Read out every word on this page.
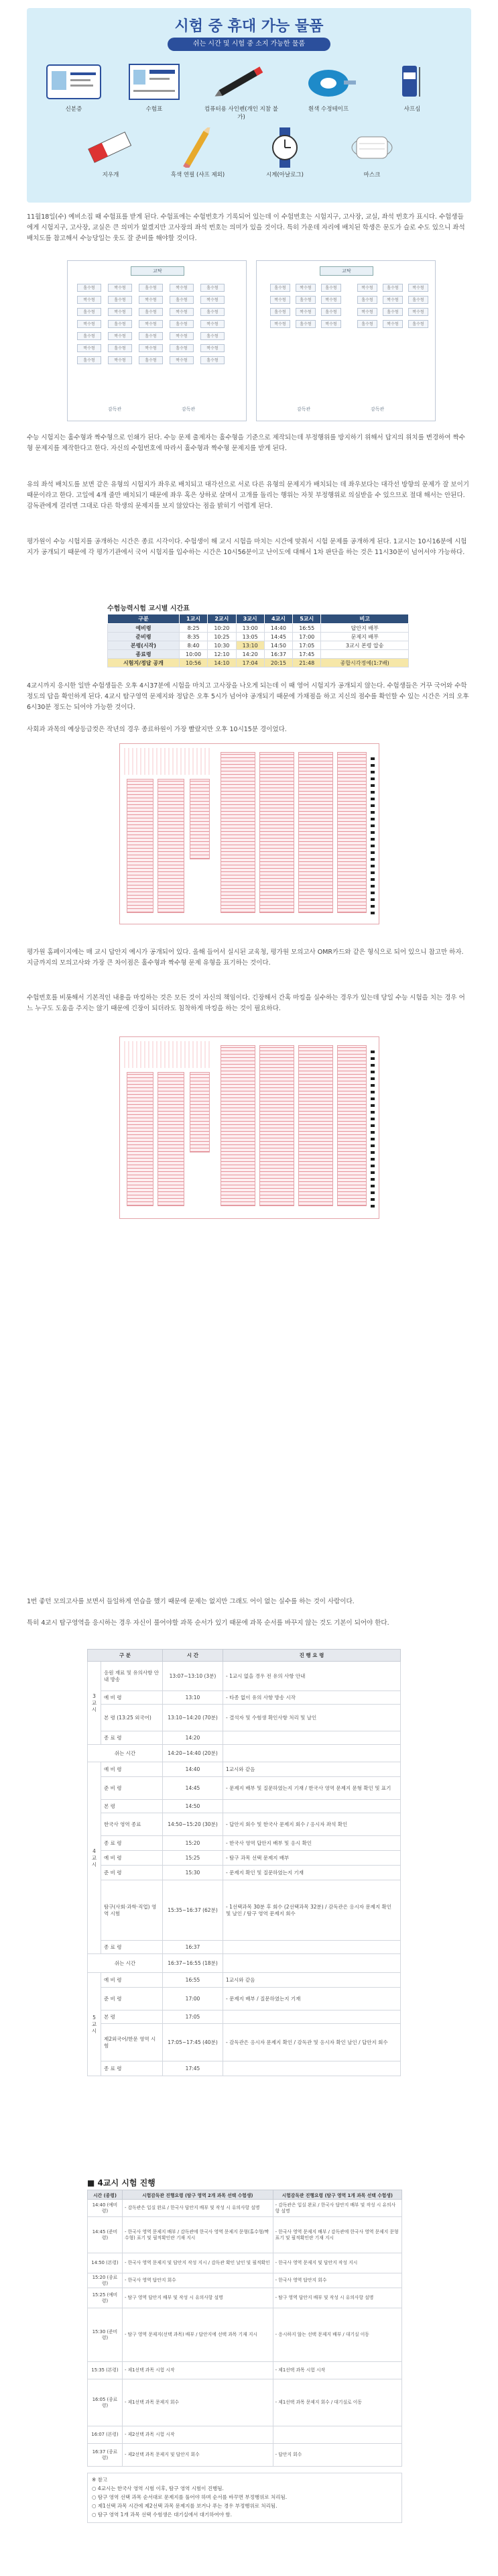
시험 중 휴대 가능 물품
쉬는 시간 및 시험 중 소지 가능한 물품
신분증	수험표	컴퓨터용 사인펜(개인 지참 불가)
흰색 수정테이프	샤프심
지우개	흑색 연필 (샤프 제외)	시계(아날로그)	마스크
11월18일(수) 예비소집 때 수험표를 받게 된다. 수험표에는 수험번호가 기록되어 있는데 이 수험번호는 시험지구, 고사장, 교실, 좌석 번호가 표시다. 수험생들에게 시험지구, 고사장, 교실은 큰 의미가 없겠지만 고사장의 좌석 번호는 의미가 있을 것이다. 특히 가운데 자리에 배치된 학생은 문도가 슬로 수도 있으니 좌석 배치도를 참고해서 수능당일는 웃도 잘 준비를 해야할 것이다.
교탁
홀수형	짝수형	홀수형	짝수형	홀수형
짝수형	홀수형	짝수형	홀수형	짝수형
홀수형	짝수형	홀수형	짝수형	홀수형
짝수형	홀수형	짝수형	홀수형	짝수형
홀수형	짝수형	홀수형	짝수형	홀수형
짝수형	홀수형	짝수형	홀수형	짝수형
홀수형	짝수형	홀수형	짝수형	홀수형
감독관	감독관
교탁
홀수형	짝수형	홀수형
짝수형	홀수형	짝수형
홀수형	짝수형	홀수형
짝수형	홀수형	짝수형
짝수형	홀수형	짝수형
홀수형	짝수형	홀수형
짝수형	홀수형	짝수형
홀수형	짝수형	홀수형
감독관	감독관
수능 시험지는 홀수형과 짝수형으로 인쇄가 된다. 수능 문제 출제자는 홀수형을 기준으로 제작되는데 부정행위를 방지하기 위해서 답지의 위치를 변경하여 짝수형 문제지를 제작한다고 한다. 자신의 수험번호에 따라서 홀수형과 짝수형 문제지를 받게 된다.
유의 좌석 배치도를 보면 같은 유형의 시험지가 좌우로 배치되고 대각선으로 서로 다른 유형의 문제지가 배치되는 데 좌우보다는 대각선 방향의 문제가 잘 보이기 때문이라고 한다. 고일에 4개 줄만 배치되기 때문에 좌우 혹은 상하로 살며서 고개를 돌리는 행위는 자칫 부정행위로 의심받을 수 있으므로 절대 해서는 안된다. 감독관에게 걸리면 그대로 다른 학생의 문제지를 보지 않았다는 점을 밝히기 어렵게 된다.
평가원이 수능 시험지를 공개하는 시간은 종료 시각이다. 수험생이 해 교시 시험을 마치는 시간에 맞춰서 시험 문제를 공개하게 된다. 1교시는 10시16분에 시험지가 공개되기 때문에 각 평가기관에서 국어 시험지를 입수하는 시간은 10시56분이고 난이도에 대해서 1차 판단을 하는 것은 11시30분이 넘어서야 가능하다.
수험능력시험 교시별 시간표
구분	1교시	2교시	3교시	4교시	5교시	비고
예비령	8:25	10:20	13:00	14:40	16:55	답안지 배부
준비령	8:35	10:25	13:05	14:45	17:00	문제지 배부
본령(시작)	8:40	10:30	13:10	14:50	17:05	3교시 본령 압송
종료령	10:00	12:10	14:20	16:37	17:45	
시험지/정답 공개	10:56	14:10	17:04	20:15	21:48	종합시각정예(1:7배)
4교시까지 응시한 일반 수험생들은 오후 4시37분에 시험을 마치고 고사장을 나오게 되는데 이 때 영어 시험지가 공개되지 않는다. 수험생들은 거꾸 국어와 수학 정도의 답을 확인하게 된다. 4교시 탐구영역 문제지와 정답은 오후 5시가 넘어야 공개되기 때문에 가채점을 하고 지신의 점수를 확인할 수 있는 시간은 거의 오후 6시30분 정도는 되어야 가능한 것이다.
사회과 과목의 예상등급컷은 작년의 경우 종료하원이 가장 빨랐지만 오후 10시15분 경이었다.
평가원 홈페이지에는 매 교시 답안지 예시가 공개되어 있다. 올해 들어서 실시된 교육청, 평가원 모의고사 OMR카드와 같은 형식으로 되어 있으니 참고만 하자. 지금까지의 모의고사와 가장 큰 차이점은 홀수형과 짝수형 문제 유형을 표기하는 것이다.
수험번호를 비롯해서 기본적인 내용을 마킹하는 것은 모든 것이 자신의 책임이다. 긴장해서 간혹 마킹을 실수하는 경우가 있는데 당일 수능 시험을 치는 경우 어느 누구도 도움을 주지는 않기 때문에 긴장이 되더라도 침착하게 마킹을 하는 것이 필요하다.
1번 좋던 모의고사를 보면서 들일하게 연습을 했기 때문에 문제는 없지만 그래도 어이 없는 실수를 하는 것이 사람이다.
특히 4교시 탐구영역을 응시하는 경우 자신이 풀어야할 과목 순서가 있기 때문에 과목 순서를 바꾸지 않는 것도 기본이 되어야 한다.
구 분		시 간	진 행 요 령
3교시	응원 재료 및 유의사항 안내 방송	13:07~13:10 (3분)	- 1교시 없을 경우 전 유의 사항 안내
	예 비 령	13:10	- 타종 없이 유의 사항 방송 시작
	본 령 (13:25 외국어)	13:10~14:20 (70분)	- 결석자 및 수험생 확인사항 처리 및 날인
	종 료 령	14:20	
쉬는 시간		14:20~14:40 (20분)	
4교시	예 비 령	14:40	1교시와 같음
	준 비 령	14:45	- 문제지 배부 및 질문하였는지 기재 / 한국사 영역 문제지 문형 확인 및 표기
	본 령	14:50	
	한국사 영역 종료	14:50~15:20 (30분)	- 답안지 회수 및 한국사 문제지 회수 / 응시자 좌석 확인
	종 료 령	15:20	- 한국사 영역 답안지 배부 및 응시 확인
	예 비 령	15:25	- 탐구 과목 선택 문제지 배부
	준 비 령	15:30	- 문제지 확인 및 질문하였는지 기재
	탐구(사회·과학·직업) 영역 시험	15:35~16:37 (62분)	- 1선택과목 30분 후 회수 (2선택과목 32분) / 감독관은 응시자 문제지 확인 및 날인 / 탐구 영역 문제지 회수
	종 료 령	16:37	
쉬는 시간		16:37~16:55 (18분)	
5교시	예 비 령	16:55	1교시와 같음
	준 비 령	17:00	- 문제지 배부 / 질문하였는지 기재
	본 령	17:05	
	제2외국어/한문 영역 시험	17:05~17:45 (40분)	- 감독관은 응시자 문제지 확인 / 감독관 및 응시자 확인 날인 / 답안지 회수
	종 료 령	17:45	
■ 4교시 시험 진행
시간 (종령)	시험감독관 진행요령 (탐구 영역 2개 과목 선택 수험생)	시험감독관 진행요령 (탐구 영역 1개 과목 선택 수험생)
14:40 (예비령)	- 감독관은 입실 완료 / 한국사 답안지 배부 및 작성 시 유의사항 설명	- 감독관은 입실 완료 / 한국사 답안지 배부 및 작성 시 유의사항 설명
14:45 (준비령)	- 한국사 영역 문제지 배부 / 감독관에 한국사 영역 문제지 문형(홀수형/짝수형) 표기 및 필적확인란 기재 지시	- 한국사 영역 문제지 배부 / 감독관에 한국사 영역 문제지 문형 표기 및 필적확인란 기재 지시
14:50 (본령)	- 한국사 영역 문제지 및 답안지 작성 지시 / 감독관 확인 날인 및 필적확인	- 한국사 영역 문제지 및 답안지 작성 지시
15:20 (종료령)	- 한국사 영역 답안지 회수	- 한국사 영역 답안지 회수
15:25 (예비령)	- 탐구 영역 답안지 배부 및 작성 시 유의사항 설명	- 탐구 영역 답안지 배부 및 작성 시 유의사항 설명
15:30 (준비령)	- 탐구 영역 문제지(선택 과목) 배부 / 답안지에 선택 과목 기재 지시	- 응시하지 않는 선택 문제지 배부 / 대기실 이동
15:35 (본령)	- 제1선택 과목 시험 시작	- 제1선택 과목 시험 시작
16:05 (종료령)	- 제1선택 과목 문제지 회수	- 제1선택 과목 문제지 회수 / 대기실로 이동
16:07 (본령)	- 제2선택 과목 시험 시작	
16:37 (종료령)	- 제2선택 과목 문제지 및 답안지 회수	- 답안지 회수
※ 참고
○ 4교시는 한국사 영역 시험 이후, 탐구 영역 시험이 진행됨.
○ 탐구 영역 선택 과목 순서대로 문제지를 풀어야 하며 순서를 바꾸면 부정행위로 처리됨.
○ 제1선택 과목 시간에 제2선택 과목 문제지를 보거나 푸는 경우 부정행위로 처리됨.
○ 탐구 영역 1개 과목 선택 수험생은 대기실에서 대기하여야 함.
